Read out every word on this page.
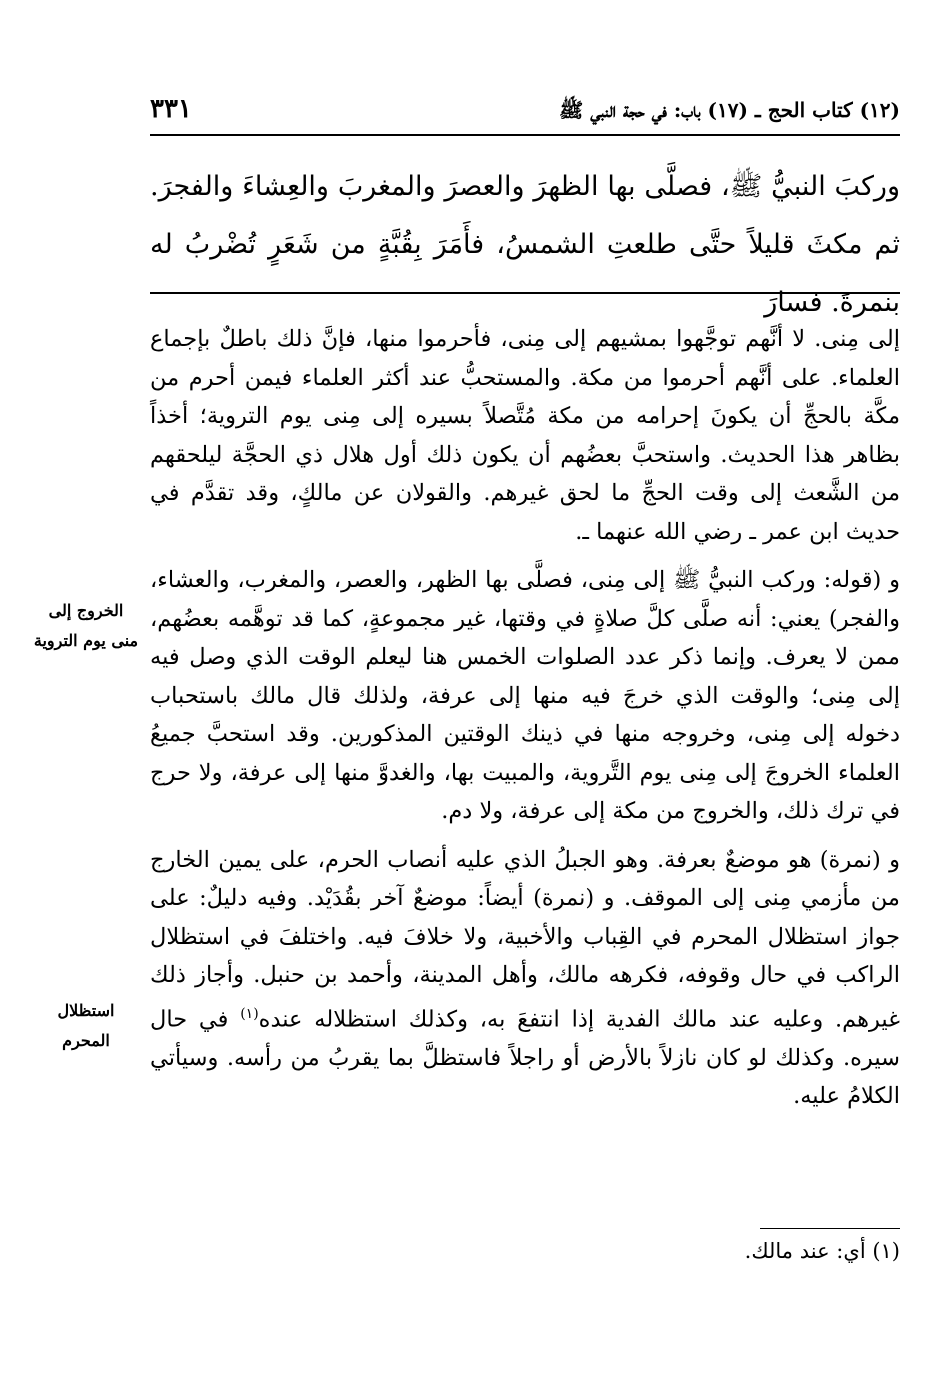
(١٢) كتاب الحج ـ (١٧) باب: في حجة النبي ﷺ
٣٣١
وركبَ النبيُّ ﷺ، فصلَّى بها الظهرَ والعصرَ والمغربَ والعِشاءَ والفجرَ. ثم مكثَ قليلاً حتَّى طلعتِ الشمسُ، فأَمَرَ بِقُبَّةٍ من شَعَرٍ تُضْربُ له بنمرةَ. فسارَ

إلى مِنى. لا أنَّهم توجَّهوا بمشيهم إلى مِنى، فأحرموا منها، فإنَّ ذلك باطلٌ بإجماع العلماء. على أنَّهم أحرموا من مكة. والمستحبُّ عند أكثر العلماء فيمن أحرم من مكَّة بالحجِّ أن يكونَ إحرامه من مكة مُتَّصلاً بسيره إلى مِنى يوم التروية؛ أخذاً بظاهر هذا الحديث. واستحبَّ بعضُهم أن يكون ذلك أول هلال ذي الحجَّة ليلحقهم من الشَّعث إلى وقت الحجِّ ما لحق غيرهم. والقولان عن مالكٍ، وقد تقدَّم في حديث ابن عمر ـ رضي الله عنهما ـ.

و (قوله: وركب النبيُّ ﷺ إلى مِنى، فصلَّى بها الظهر، والعصر، والمغرب، والعشاء، والفجر) يعني: أنه صلَّى كلَّ صلاةٍ في وقتها، غير مجموعةٍ، كما قد توهَّمه بعضُهم، ممن لا يعرف. وإنما ذكر عدد الصلوات الخمس هنا ليعلم الوقت الذي وصل فيه إلى مِنى؛ والوقت الذي خرجَ فيه منها إلى عرفة، ولذلك قال مالك باستحباب دخوله إلى مِنى، وخروجه منها في ذينك الوقتين المذكورين. وقد استحبَّ جميعُ العلماء الخروجَ إلى مِنى يوم التَّروية، والمبيت بها، والغدوَّ منها إلى عرفة، ولا حرج في ترك ذلك، والخروج من مكة إلى عرفة، ولا دم.

و (نمرة) هو موضعٌ بعرفة. وهو الجبلُ الذي عليه أنصاب الحرم، على يمين الخارج من مأزمي مِنى إلى الموقف. و (نمرة) أيضاً: موضعٌ آخر بقُدَيْد. وفيه دليلٌ: على جواز استظلال المحرم في القِباب والأخبية، ولا خلافَ فيه. واختلفَ في استظلال الراكب في حال وقوفه، فكرهه مالك، وأهل المدينة، وأحمد بن حنبل. وأجاز ذلك غيرهم. وعليه عند مالك الفدية إذا انتفعَ به، وكذلك استظلاله عنده$^{(١)}$ في حال سيره. وكذلك لو كان نازلاً بالأرض أو راجلاً فاستظلَّ بما يقربُ من رأسه. وسيأتي الكلامُ عليه.

الخروج إلى
منى يوم التروية
استظلال
المحرم
(١) أي: عند مالك.
